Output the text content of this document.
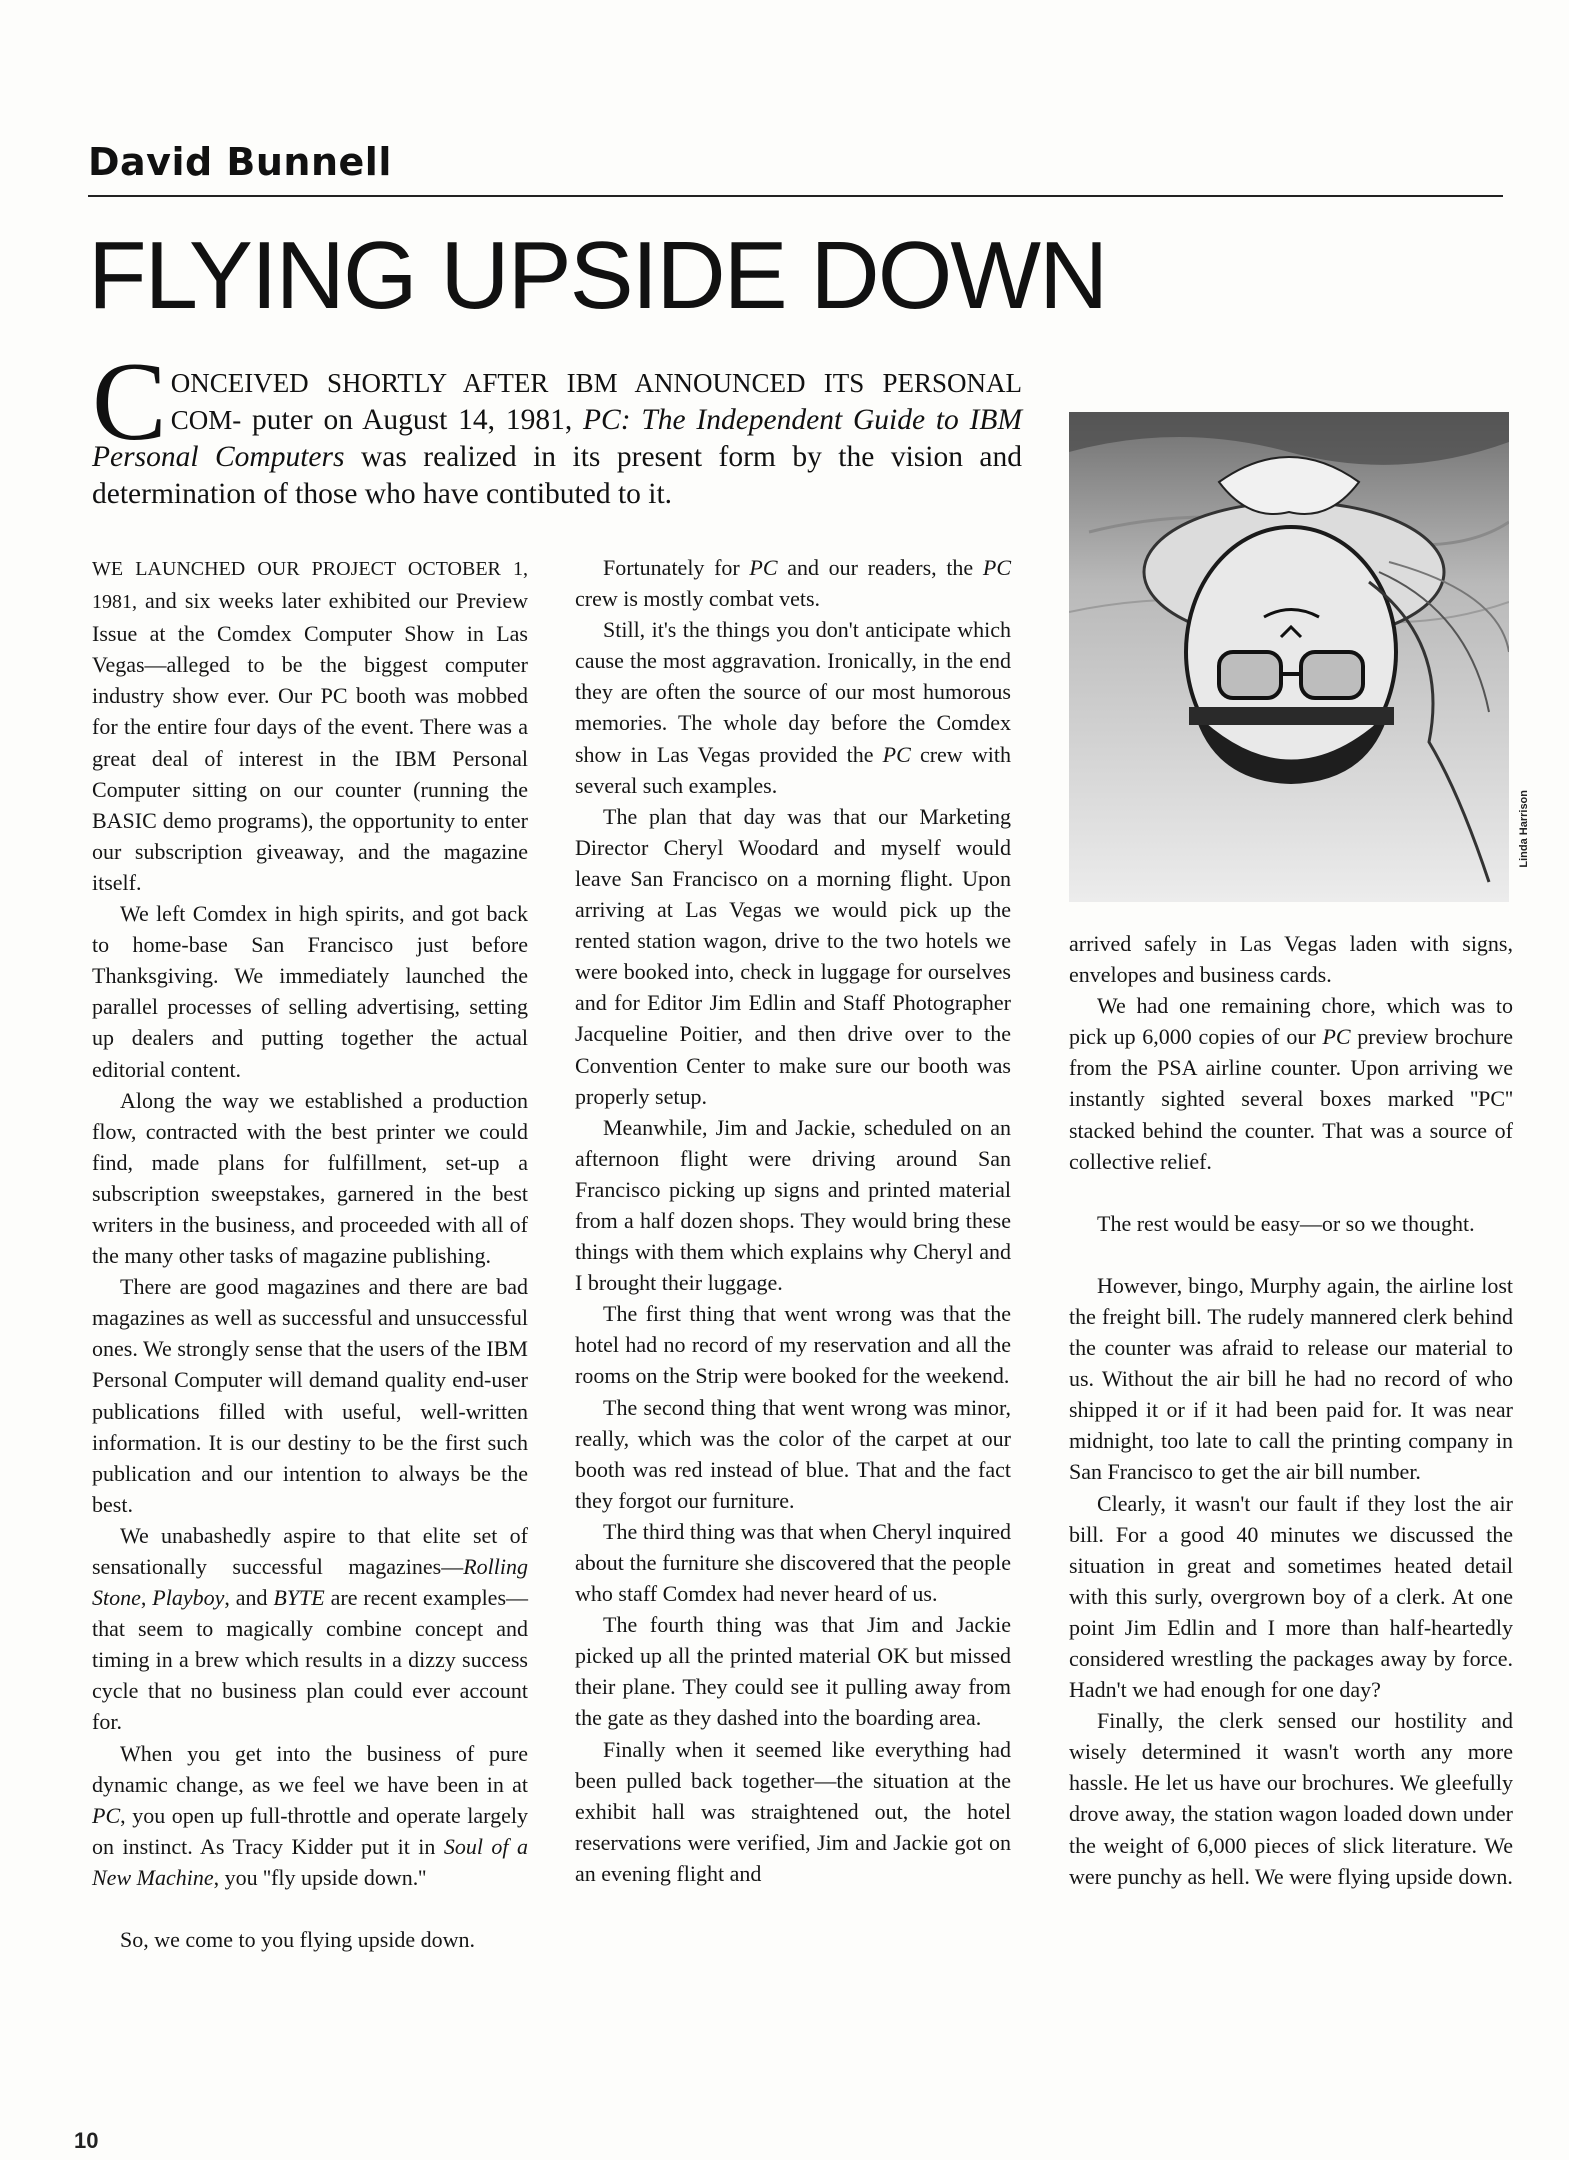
David Bunnell
FLYING UPSIDE DOWN
CONCEIVED SHORTLY AFTER IBM ANNOUNCED ITS PERSONAL COM- puter on August 14, 1981, PC: The Independent Guide to IBM Personal Computers was realized in its present form by the vision and determination of those who have contibuted to it.

WE LAUNCHED OUR PROJECT OCTOBER 1, 1981, and six weeks later exhibited our Preview Issue at the Comdex Computer Show in Las Vegas—alleged to be the biggest computer industry show ever. Our PC booth was mobbed for the entire four days of the event. There was a great deal of interest in the IBM Personal Computer sitting on our counter (running the BASIC demo programs), the opportunity to enter our subscription giveaway, and the magazine itself.

We left Comdex in high spirits, and got back to home-base San Francisco just before Thanksgiving. We immediately launched the parallel processes of selling advertising, setting up dealers and putting together the actual editorial content.

Along the way we established a production flow, contracted with the best printer we could find, made plans for fulfillment, set-up a subscription sweepstakes, garnered in the best writers in the business, and proceeded with all of the many other tasks of magazine publishing.

There are good magazines and there are bad magazines as well as successful and unsuccessful ones. We strongly sense that the users of the IBM Personal Computer will demand quality end-user publications filled with useful, well-written information. It is our destiny to be the first such publication and our intention to always be the best.

We unabashedly aspire to that elite set of sensationally successful magazines—Rolling Stone, Playboy, and BYTE are recent examples—that seem to magically combine concept and timing in a brew which results in a dizzy success cycle that no business plan could ever account for.

When you get into the business of pure dynamic change, as we feel we have been in at PC, you open up full-throttle and operate largely on instinct. As Tracy Kidder put it in Soul of a New Machine, you ''fly upside down.''

So, we come to you flying upside down.

Fortunately for PC and our readers, the PC crew is mostly combat vets.

Still, it's the things you don't anticipate which cause the most aggravation. Ironically, in the end they are often the source of our most humorous memories. The whole day before the Comdex show in Las Vegas provided the PC crew with several such examples.

The plan that day was that our Marketing Director Cheryl Woodard and myself would leave San Francisco on a morning flight. Upon arriving at Las Vegas we would pick up the rented station wagon, drive to the two hotels we were booked into, check in luggage for ourselves and for Editor Jim Edlin and Staff Photographer Jacqueline Poitier, and then drive over to the Convention Center to make sure our booth was properly setup.

Meanwhile, Jim and Jackie, scheduled on an afternoon flight were driving around San Francisco picking up signs and printed material from a half dozen shops. They would bring these things with them which explains why Cheryl and I brought their luggage.

The first thing that went wrong was that the hotel had no record of my reservation and all the rooms on the Strip were booked for the weekend.

The second thing that went wrong was minor, really, which was the color of the carpet at our booth was red instead of blue. That and the fact they forgot our furniture.

The third thing was that when Cheryl inquired about the furniture she discovered that the people who staff Comdex had never heard of us.

The fourth thing was that Jim and Jackie picked up all the printed material OK but missed their plane. They could see it pulling away from the gate as they dashed into the boarding area.

Finally when it seemed like everything had been pulled back together—the situation at the exhibit hall was straightened out, the hotel reservations were verified, Jim and Jackie got on an evening flight and

Linda Harrison

arrived safely in Las Vegas laden with signs, envelopes and business cards.

We had one remaining chore, which was to pick up 6,000 copies of our PC preview brochure from the PSA airline counter. Upon arriving we instantly sighted several boxes marked ''PC'' stacked behind the counter. That was a source of collective relief.

The rest would be easy—or so we thought.

However, bingo, Murphy again, the airline lost the freight bill. The rudely mannered clerk behind the counter was afraid to release our material to us. Without the air bill he had no record of who shipped it or if it had been paid for. It was near midnight, too late to call the printing company in San Francisco to get the air bill number.

Clearly, it wasn't our fault if they lost the air bill. For a good 40 minutes we discussed the situation in great and sometimes heated detail with this surly, overgrown boy of a clerk. At one point Jim Edlin and I more than half-heartedly considered wrestling the packages away by force. Hadn't we had enough for one day?

Finally, the clerk sensed our hostility and wisely determined it wasn't worth any more hassle. He let us have our brochures. We gleefully drove away, the station wagon loaded down under the weight of 6,000 pieces of slick literature. We were punchy as hell. We were flying upside down.

10
